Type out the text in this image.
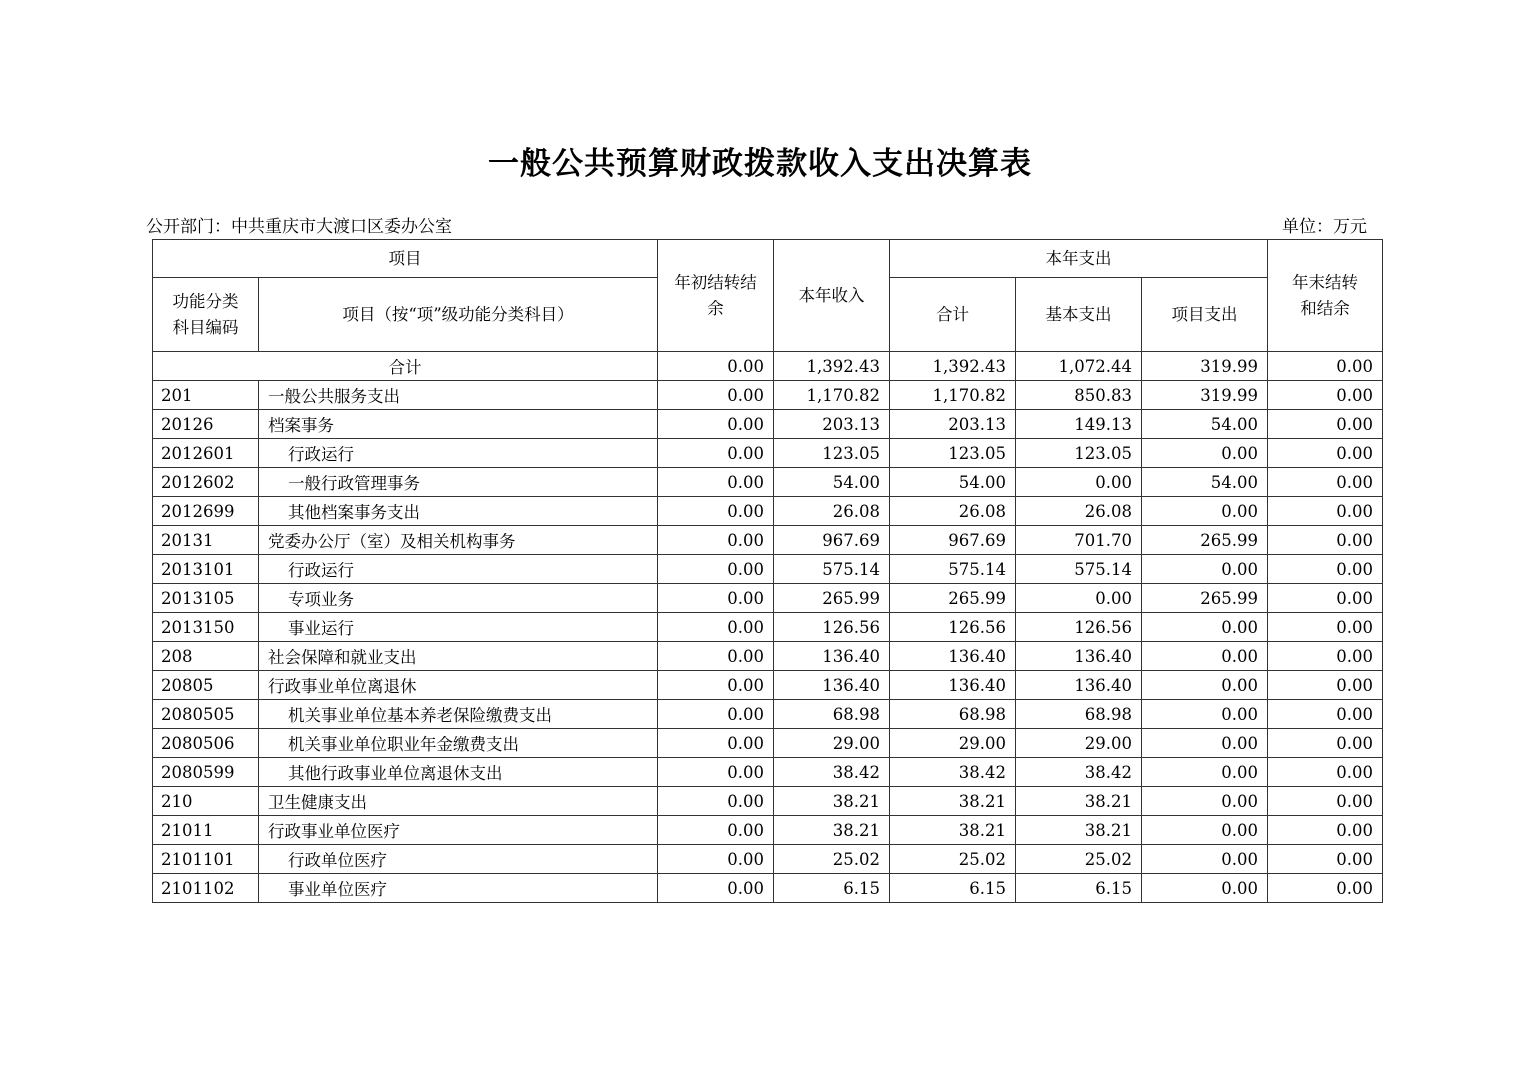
一般公共预算财政拨款收入支出决算表
公开部门：中共重庆市大渡口区委办公室	单位：万元
项目		年初结转结余	本年收入	本年支出			年末结转和结余
功能分类科目编码	项目（按“项”级功能分类科目）			合计	基本支出	项目支出	
合计		0.00	1,392.43	1,392.43	1,072.44	319.99	0.00
201	一般公共服务支出	0.00	1,170.82	1,170.82	850.83	319.99	0.00
20126	档案事务	0.00	203.13	203.13	149.13	54.00	0.00
2012601	行政运行	0.00	123.05	123.05	123.05	0.00	0.00
2012602	一般行政管理事务	0.00	54.00	54.00	0.00	54.00	0.00
2012699	其他档案事务支出	0.00	26.08	26.08	26.08	0.00	0.00
20131	党委办公厅（室）及相关机构事务	0.00	967.69	967.69	701.70	265.99	0.00
2013101	行政运行	0.00	575.14	575.14	575.14	0.00	0.00
2013105	专项业务	0.00	265.99	265.99	0.00	265.99	0.00
2013150	事业运行	0.00	126.56	126.56	126.56	0.00	0.00
208	社会保障和就业支出	0.00	136.40	136.40	136.40	0.00	0.00
20805	行政事业单位离退休	0.00	136.40	136.40	136.40	0.00	0.00
2080505	机关事业单位基本养老保险缴费支出	0.00	68.98	68.98	68.98	0.00	0.00
2080506	机关事业单位职业年金缴费支出	0.00	29.00	29.00	29.00	0.00	0.00
2080599	其他行政事业单位离退休支出	0.00	38.42	38.42	38.42	0.00	0.00
210	卫生健康支出	0.00	38.21	38.21	38.21	0.00	0.00
21011	行政事业单位医疗	0.00	38.21	38.21	38.21	0.00	0.00
2101101	行政单位医疗	0.00	25.02	25.02	25.02	0.00	0.00
2101102	事业单位医疗	0.00	6.15	6.15	6.15	0.00	0.00
